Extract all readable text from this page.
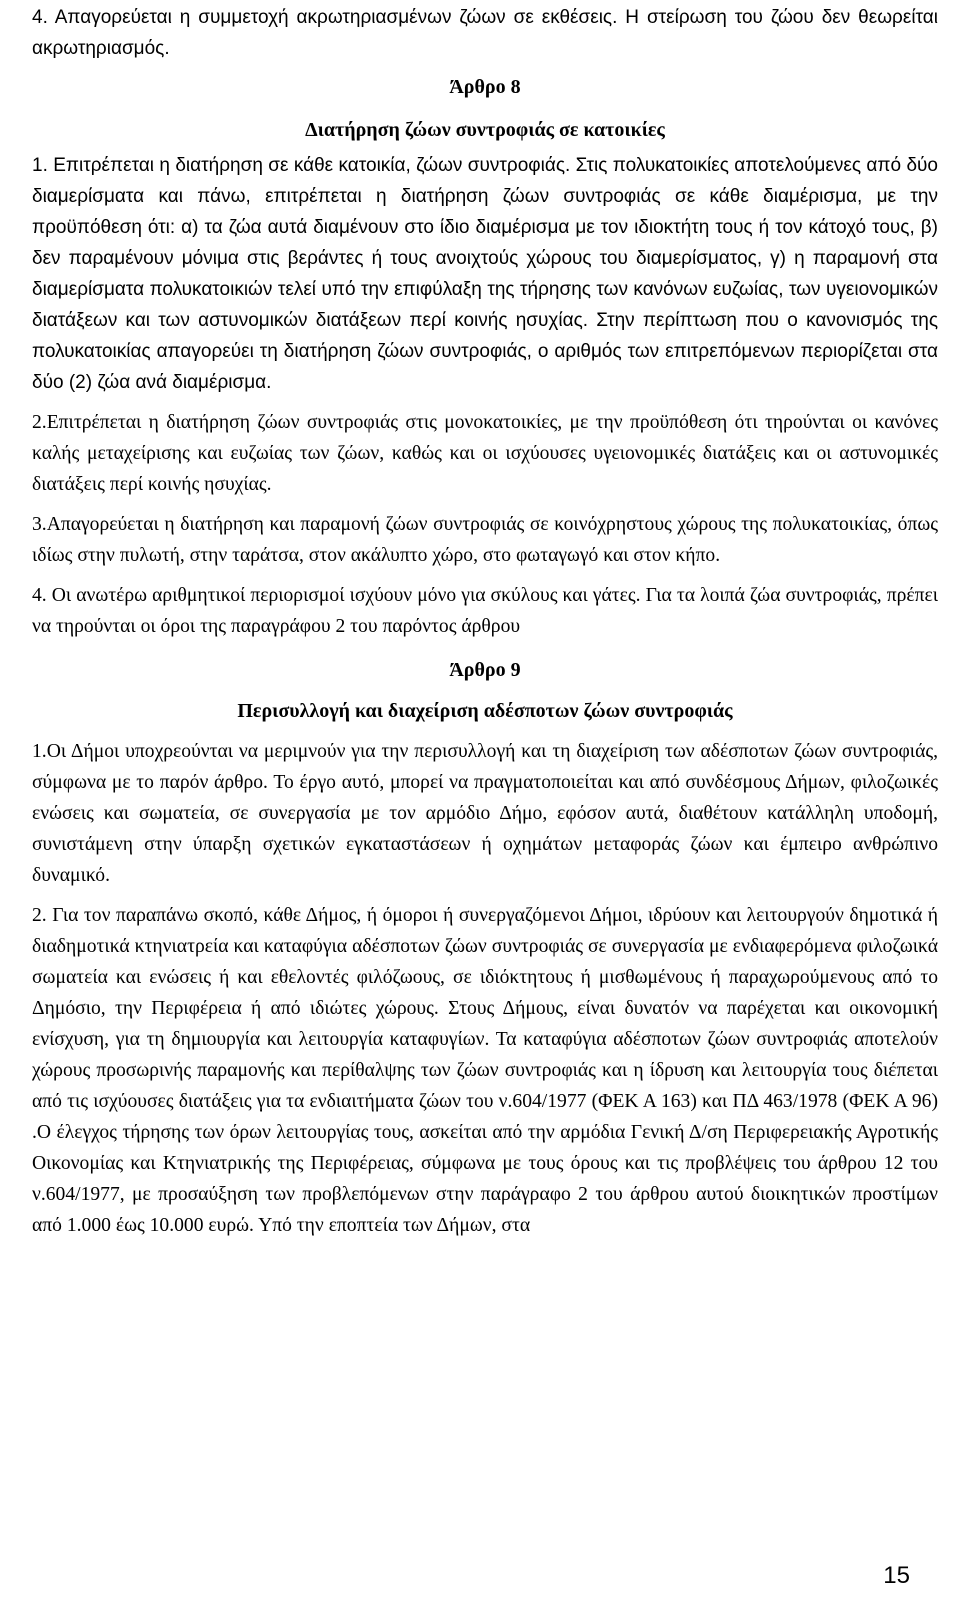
4. Απαγορεύεται η συμμετοχή ακρωτηριασμένων ζώων σε εκθέσεις. Η στείρωση του ζώου δεν θεωρείται ακρωτηριασμός.

Άρθρο 8
Διατήρηση ζώων συντροφιάς σε κατοικίες

1. Επιτρέπεται η διατήρηση σε κάθε κατοικία, ζώων συντροφιάς. Στις πολυκατοικίες αποτελούμενες από δύο διαμερίσματα και πάνω, επιτρέπεται η διατήρηση ζώων συντροφιάς σε κάθε διαμέρισμα, με την προϋπόθεση ότι: α) τα ζώα αυτά διαμένουν στο ίδιο διαμέρισμα με τον ιδιοκτήτη τους ή τον κάτοχό τους, β) δεν παραμένουν μόνιμα στις βεράντες ή τους ανοιχτούς χώρους του διαμερίσματος, γ) η παραμονή στα διαμερίσματα πολυκατοικιών τελεί υπό την επιφύλαξη της τήρησης των κανόνων ευζωίας, των υγειονομικών διατάξεων και των αστυνομικών διατάξεων περί κοινής ησυχίας. Στην περίπτωση που ο κανονισμός της πολυκατοικίας απαγορεύει τη διατήρηση ζώων συντροφιάς, ο αριθμός των επιτρεπόμενων περιορίζεται στα δύο (2) ζώα ανά διαμέρισμα.

2.Επιτρέπεται η διατήρηση ζώων συντροφιάς στις μονοκατοικίες, με την προϋπόθεση ότι τηρούνται οι κανόνες καλής μεταχείρισης και ευζωίας των ζώων, καθώς και οι ισχύουσες υγειονομικές διατάξεις και οι αστυνομικές διατάξεις περί κοινής ησυχίας.

3.Απαγορεύεται η διατήρηση και παραμονή ζώων συντροφιάς σε κοινόχρηστους χώρους της πολυκατοικίας, όπως ιδίως στην πυλωτή, στην ταράτσα, στον ακάλυπτο χώρο, στο φωταγωγό και στον κήπο.

4. Οι ανωτέρω αριθμητικοί περιορισμοί ισχύουν μόνο για σκύλους και γάτες. Για τα λοιπά ζώα συντροφιάς, πρέπει να τηρούνται οι όροι της παραγράφου 2 του παρόντος άρθρου

Άρθρο 9
Περισυλλογή και διαχείριση αδέσποτων ζώων συντροφιάς

1.Οι Δήμοι υποχρεούνται να μεριμνούν για την περισυλλογή και τη διαχείριση των αδέσποτων ζώων συντροφιάς, σύμφωνα με το παρόν άρθρο. Το έργο αυτό, μπορεί να πραγματοποιείται και από συνδέσμους Δήμων, φιλοζωικές ενώσεις και σωματεία, σε συνεργασία με τον αρμόδιο Δήμο, εφόσον αυτά, διαθέτουν κατάλληλη υποδομή, συνιστάμενη στην ύπαρξη σχετικών εγκαταστάσεων ή οχημάτων μεταφοράς ζώων και έμπειρο ανθρώπινο δυναμικό.

2. Για τον παραπάνω σκοπό, κάθε Δήμος, ή όμοροι ή συνεργαζόμενοι Δήμοι, ιδρύουν και λειτουργούν δημοτικά ή διαδημοτικά κτηνιατρεία και καταφύγια αδέσποτων ζώων συντροφιάς σε συνεργασία με ενδιαφερόμενα φιλοζωικά σωματεία και ενώσεις ή και εθελοντές φιλόζωους, σε ιδιόκτητους ή μισθωμένους ή παραχωρούμενους από το Δημόσιο, την Περιφέρεια ή από ιδιώτες χώρους. Στους Δήμους, είναι δυνατόν να παρέχεται και οικονομική ενίσχυση, για τη δημιουργία και λειτουργία καταφυγίων. Τα καταφύγια αδέσποτων ζώων συντροφιάς αποτελούν χώρους προσωρινής παραμονής και περίθαλψης των ζώων συντροφιάς και η ίδρυση και λειτουργία τους διέπεται από τις ισχύουσες διατάξεις για τα ενδιαιτήματα ζώων του ν.604/1977 (ΦΕΚ Α 163) και ΠΔ 463/1978 (ΦΕΚ Α 96) .Ο έλεγχος τήρησης των όρων λειτουργίας τους, ασκείται από την αρμόδια Γενική Δ/ση Περιφερειακής Αγροτικής Οικονομίας και Κτηνιατρικής της Περιφέρειας, σύμφωνα με τους όρους και τις προβλέψεις του άρθρου 12 του ν.604/1977, με προσαύξηση των προβλεπόμενων στην παράγραφο 2 του άρθρου αυτού διοικητικών προστίμων από 1.000 έως 10.000 ευρώ. Υπό την εποπτεία των Δήμων, στα

15
